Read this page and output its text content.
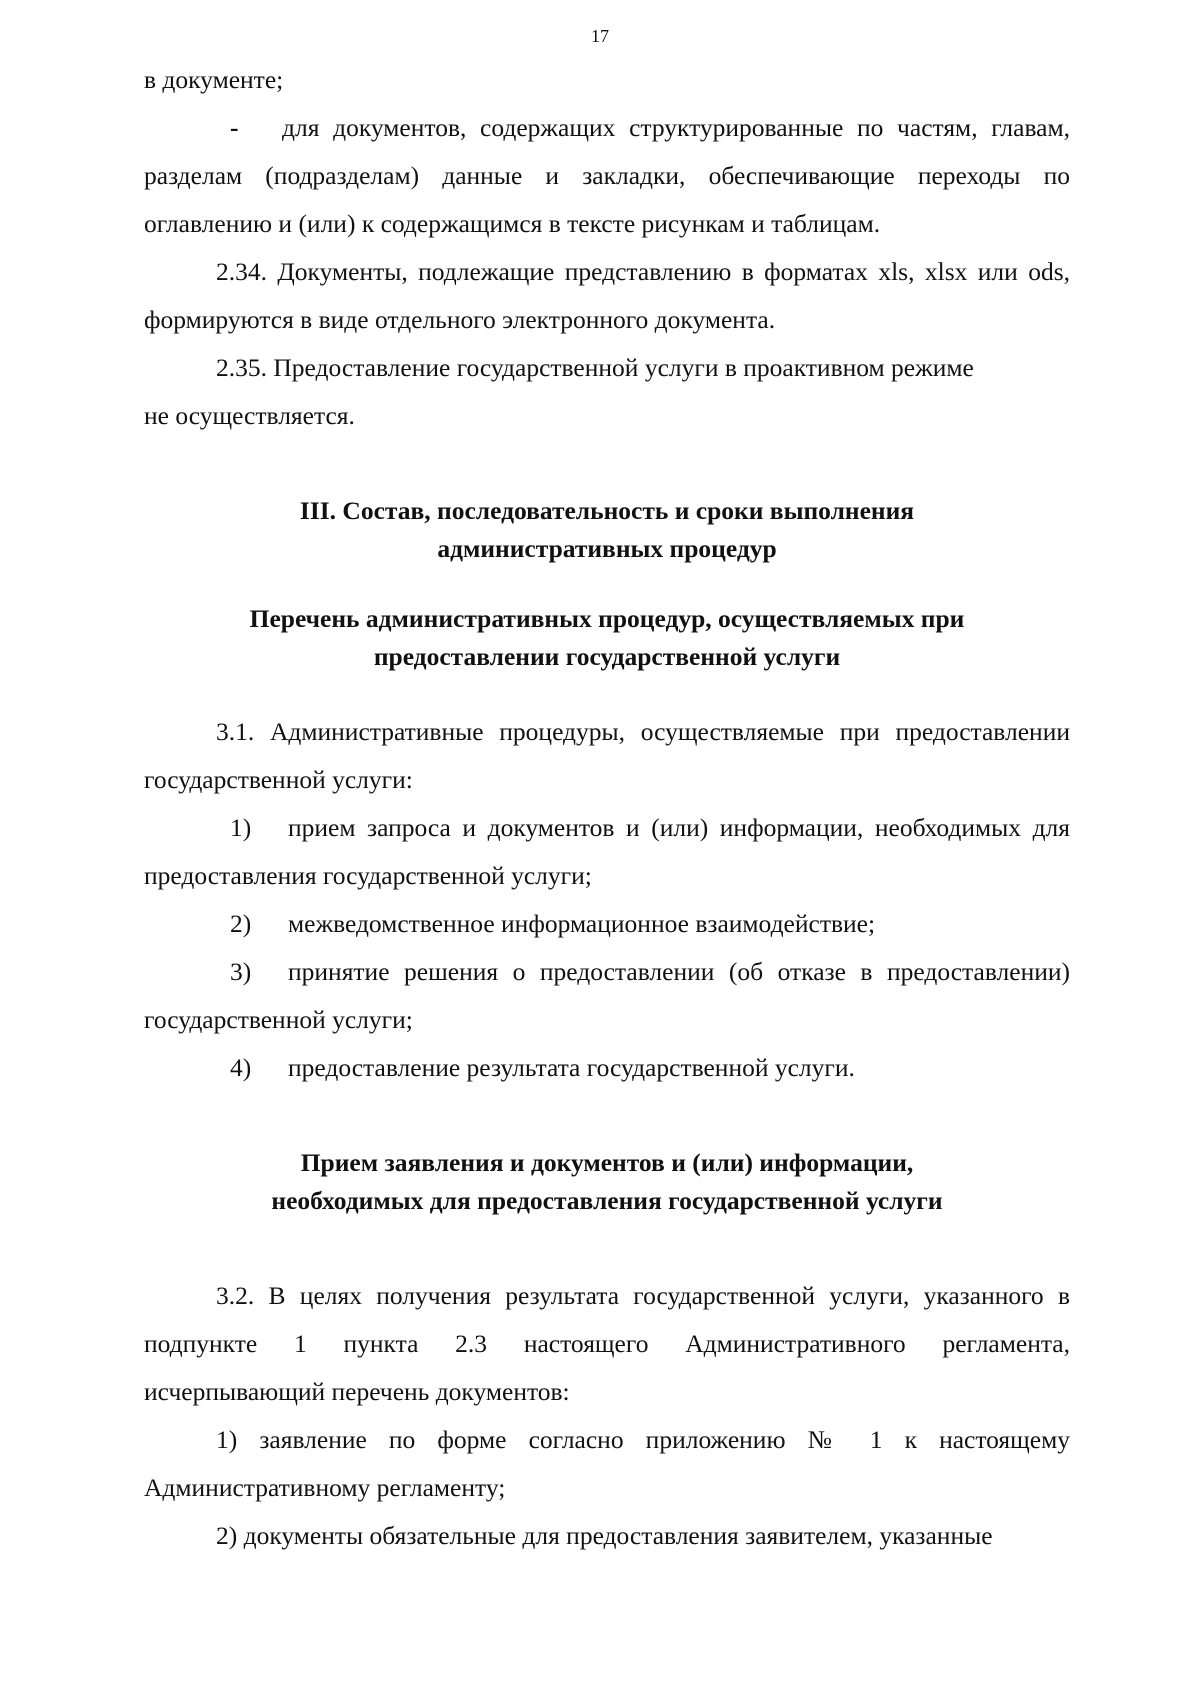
17

в документе;

- для документов, содержащих структурированные по частям, главам, разделам (подразделам) данные и закладки, обеспечивающие переходы по оглавлению и (или) к содержащимся в тексте рисункам и таблицам.

2.34. Документы, подлежащие представлению в форматах xls, xlsx или ods, формируются в виде отдельного электронного документа.

2.35. Предоставление государственной услуги в проактивном режиме

не осуществляется.

III. Состав, последовательность и сроки выполнения
административных процедур
Перечень административных процедур, осуществляемых при
предоставлении государственной услуги

3.1. Административные процедуры, осуществляемые при предоставлении государственной услуги:

1) прием запроса и документов и (или) информации, необходимых для предоставления государственной услуги;

2) межведомственное информационное взаимодействие;

3) принятие решения о предоставлении (об отказе в предоставлении) государственной услуги;

4) предоставление результата государственной услуги.

Прием заявления и документов и (или) информации,
необходимых для предоставления государственной услуги

3.2. В целях получения результата государственной услуги, указанного в подпункте 1 пункта 2.3 настоящего Административного регламента, исчерпывающий перечень документов:

1) заявление по форме согласно приложению № 1 к настоящему Административному регламенту;

2) документы обязательные для предоставления заявителем, указанные
